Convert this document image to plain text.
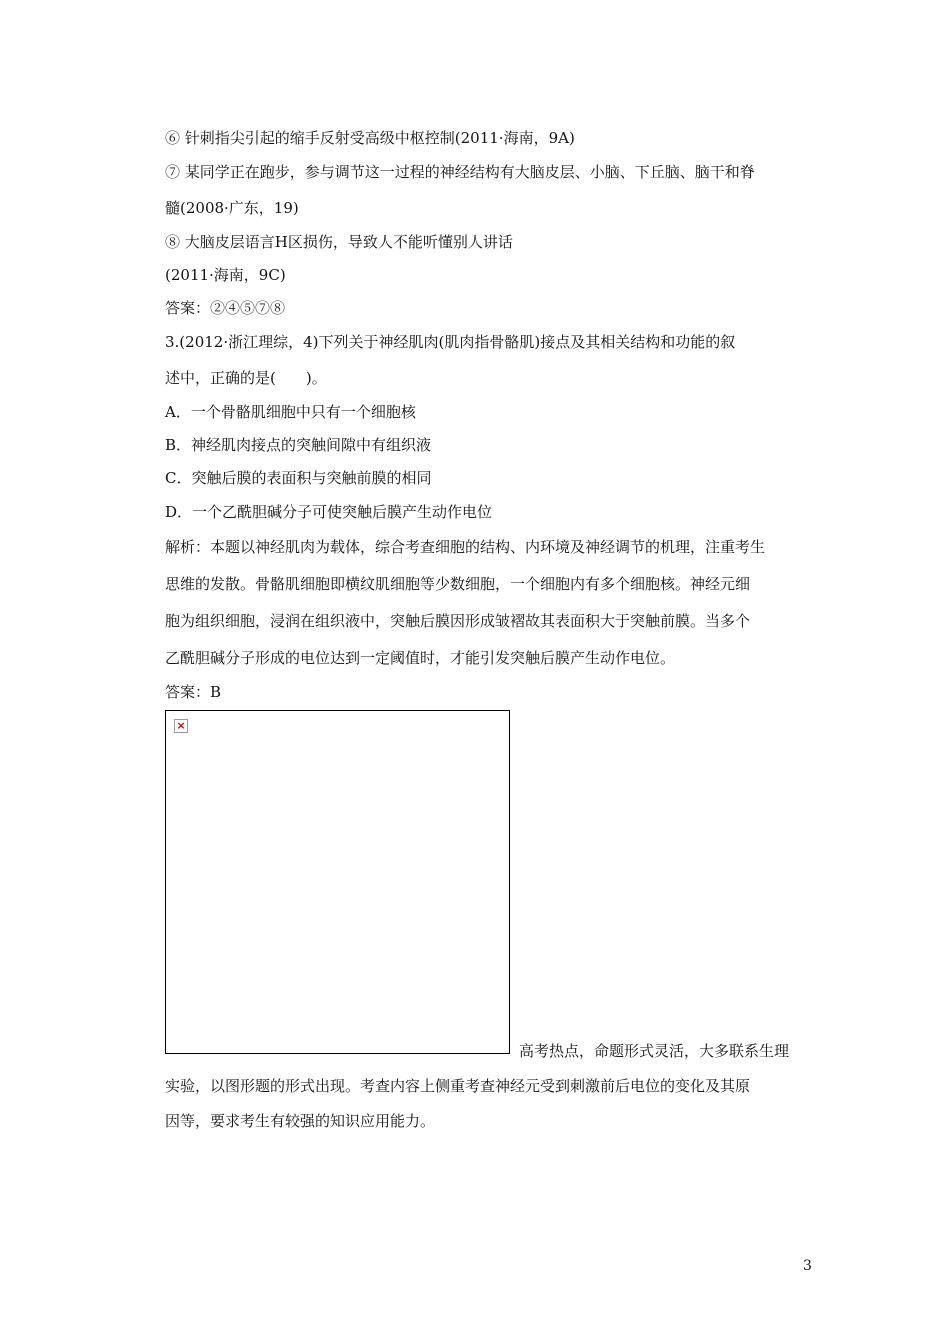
⑥ 针刺指尖引起的缩手反射受高级中枢控制(2011·海南，9A)
⑦ 某同学正在跑步，参与调节这一过程的神经结构有大脑皮层、小脑、下丘脑、脑干和脊
髓(2008·广东，19)
⑧ 大脑皮层语言H区损伤，导致人不能听懂别人讲话
(2011·海南，9C)
答案：②④⑤⑦⑧
3.(2012·浙江理综，4)下列关于神经肌肉(肌肉指骨骼肌)接点及其相关结构和功能的叙
述中，正确的是(　　)。
A．一个骨骼肌细胞中只有一个细胞核
B．神经肌肉接点的突触间隙中有组织液
C．突触后膜的表面积与突触前膜的相同
D．一个乙酰胆碱分子可使突触后膜产生动作电位
解析：本题以神经肌肉为载体，综合考查细胞的结构、内环境及神经调节的机理，注重考生
思维的发散。骨骼肌细胞即横纹肌细胞等少数细胞，一个细胞内有多个细胞核。神经元细
胞为组织细胞，浸润在组织液中，突触后膜因形成皱褶故其表面积大于突触前膜。当多个
乙酰胆碱分子形成的电位达到一定阈值时，才能引发突触后膜产生动作电位。
答案：B
×
高考热点，命题形式灵活，大多联系生理
实验，以图形题的形式出现。考查内容上侧重考查神经元受到刺激前后电位的变化及其原
因等，要求考生有较强的知识应用能力。
3
